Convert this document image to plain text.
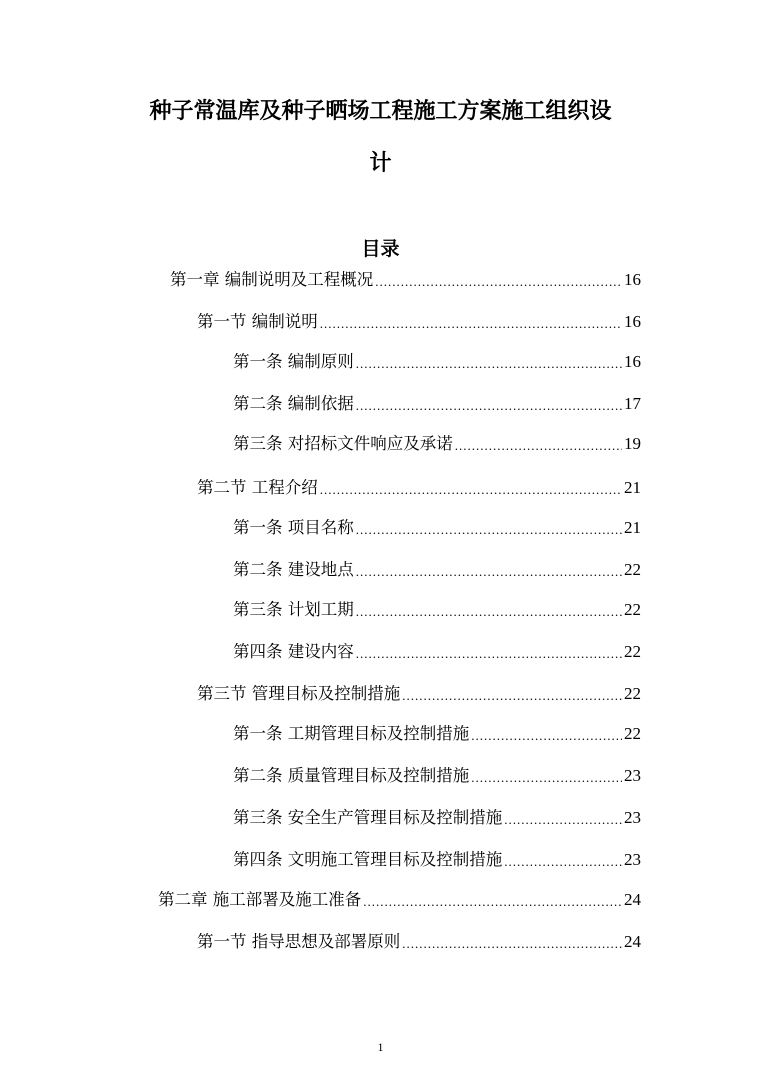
种子常温库及种子晒场工程施工方案施工组织设
计
目录
第一章 编制说明及工程概况 .....	16
第一节 编制说明 .....	16
第一条 编制原则 .....	16
第二条 编制依据 .....	17
第三条 对招标文件响应及承诺 .....	19
第二节 工程介绍 .....	21
第一条 项目名称 .....	21
第二条 建设地点 .....	22
第三条 计划工期 .....	22
第四条 建设内容 .....	22
第三节 管理目标及控制措施 .....	22
第一条 工期管理目标及控制措施 .....	22
第二条 质量管理目标及控制措施 .....	23
第三条 安全生产管理目标及控制措施 .....	23
第四条 文明施工管理目标及控制措施 .....	23
第二章 施工部署及施工准备 .....	24
第一节 指导思想及部署原则 .....	24
1
